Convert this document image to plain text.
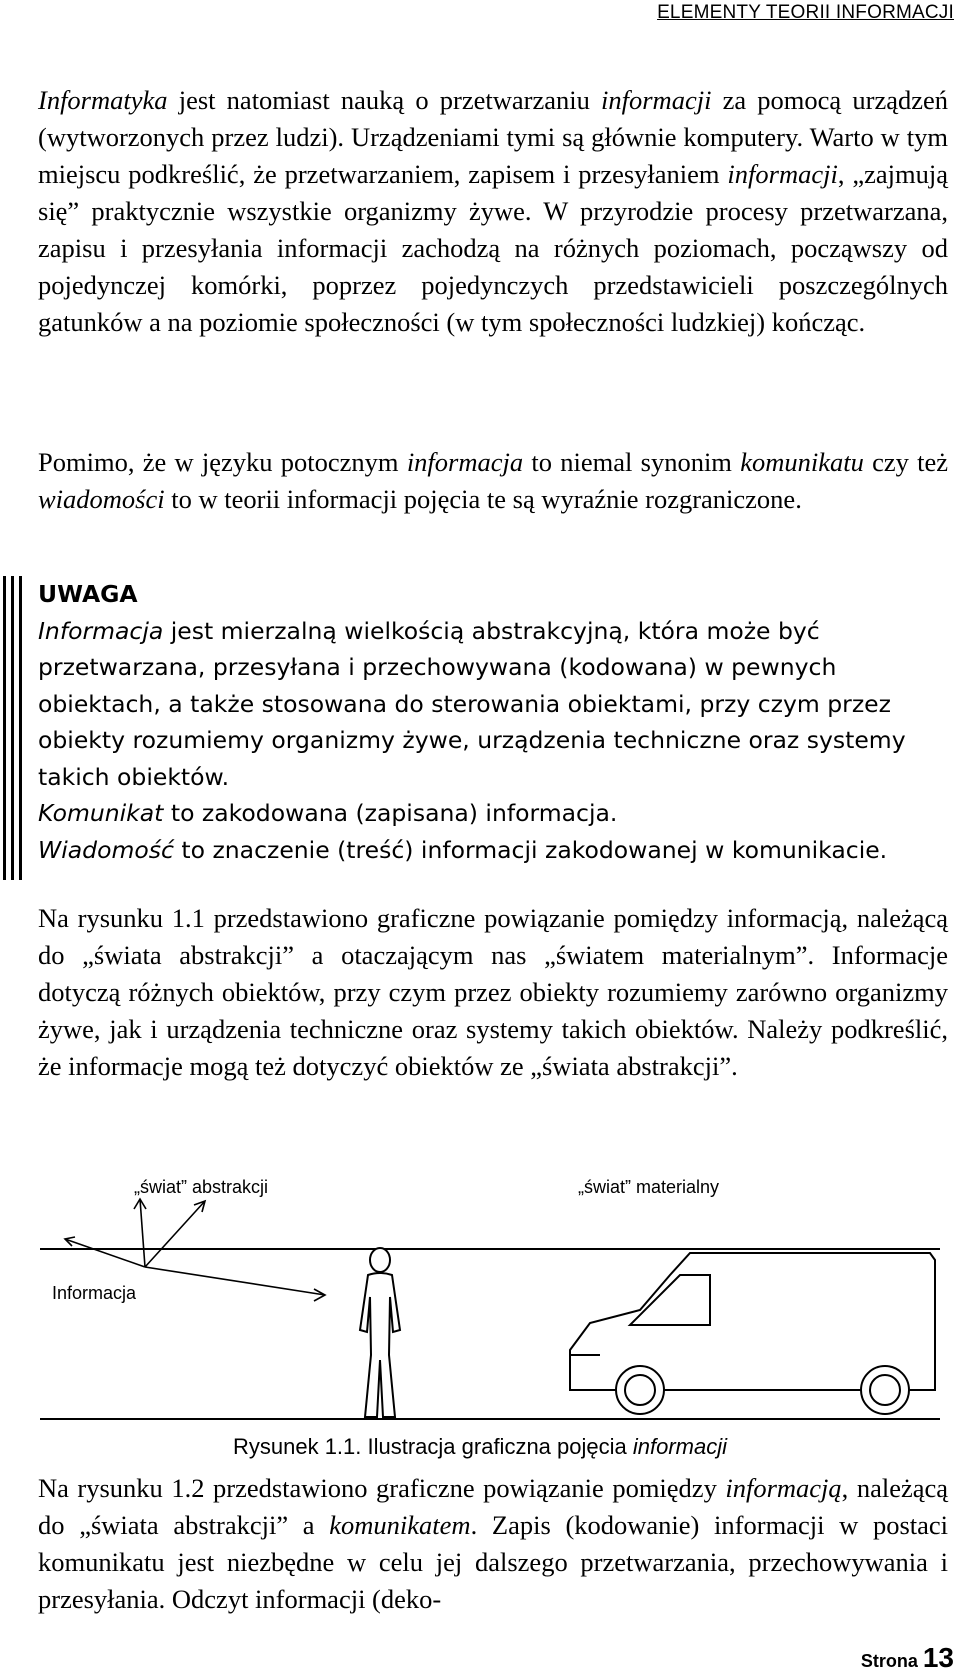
ELEMENTY TEORII INFORMACJI

Informatyka jest natomiast nauką o przetwarzaniu informacji za pomocą urządzeń (wytworzonych przez ludzi). Urządzeniami tymi są głównie komputery. Warto w tym miejscu podkreślić, że przetwarzaniem, zapisem i przesyłaniem informacji, „zajmują się” praktycznie wszystkie organizmy żywe. W przyrodzie procesy przetwarzana, zapisu i przesyłania informacji zachodzą na różnych poziomach, począwszy od pojedynczej komórki, poprzez pojedynczych przedstawicieli poszczególnych gatunków a na poziomie społeczności (w tym społeczności ludzkiej) kończąc.

Pomimo, że w języku potocznym informacja to niemal synonim komunikatu czy też wiadomości to w teorii informacji pojęcia te są wyraźnie rozgraniczone.

UWAGA
Informacja jest mierzalną wielkością abstrakcyjną, która może być przetwarzana, przesyłana i przechowywana (kodowana) w pewnych obiektach, a także stosowana do sterowania obiektami, przy czym przez obiekty rozumiemy organizmy żywe, urządzenia techniczne oraz systemy takich obiektów.
Komunikat to zakodowana (zapisana) informacja.
Wiadomość to znaczenie (treść) informacji zakodowanej w komunikacie.

Na rysunku 1.1 przedstawiono graficzne powiązanie pomiędzy informacją, należącą do „świata abstrakcji” a otaczającym nas „światem materialnym”. Informacje dotyczą różnych obiektów, przy czym przez obiekty rozumiemy zarówno organizmy żywe, jak i urządzenia techniczne oraz systemy takich obiektów. Należy podkreślić, że informacje mogą też dotyczyć obiektów ze „świata abstrakcji”.

„świat” abstrakcji	„świat” materialny
Informacja
Rysunek 1.1. Ilustracja graficzna pojęcia informacji

Na rysunku 1.2 przedstawiono graficzne powiązanie pomiędzy informacją, należącą do „świata abstrakcji” a komunikatem. Zapis (kodowanie) informacji w postaci komunikatu jest niezbędne w celu jej dalszego przetwarzania, przechowywania i przesyłania. Odczyt informacji (deko-

Strona 13
